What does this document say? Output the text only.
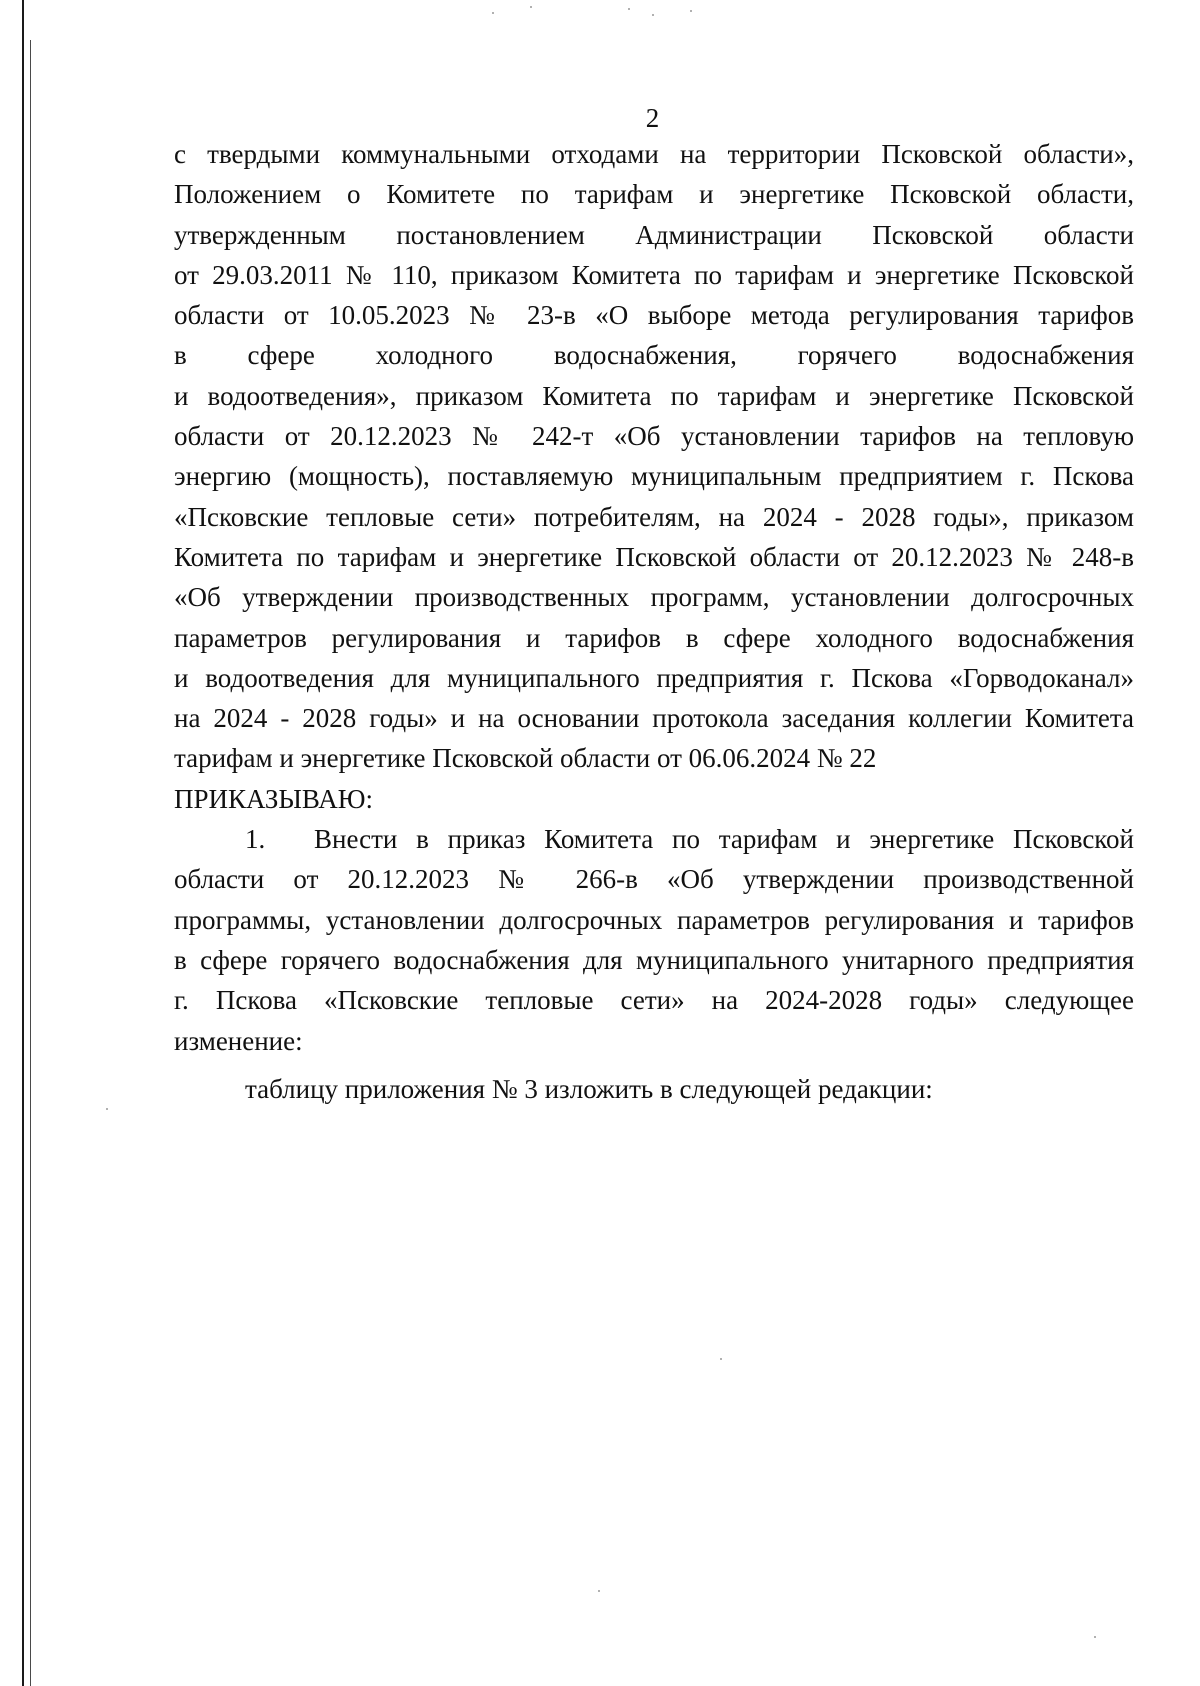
2
с твердыми коммунальными отходами на территории Псковской области»,
Положением о Комитете по тарифам и энергетике Псковской области,
утвержденным постановлением Администрации Псковской области
от 29.03.2011 № 110, приказом Комитета по тарифам и энергетике Псковской
области от 10.05.2023 № 23-в «О выборе метода регулирования тарифов
в сфере холодного водоснабжения, горячего водоснабжения
и водоотведения», приказом Комитета по тарифам и энергетике Псковской
области от 20.12.2023 № 242-т «Об установлении тарифов на тепловую
энергию (мощность), поставляемую муниципальным предприятием г. Пскова
«Псковские тепловые сети» потребителям, на 2024 - 2028 годы», приказом
Комитета по тарифам и энергетике Псковской области от 20.12.2023 № 248-в
«Об утверждении производственных программ, установлении долгосрочных
параметров регулирования и тарифов в сфере холодного водоснабжения
и водоотведения для муниципального предприятия г. Пскова «Горводоканал»
на 2024 - 2028 годы» и на основании протокола заседания коллегии Комитета
тарифам и энергетике Псковской области от 06.06.2024 № 22
ПРИКАЗЫВАЮ:
1. Внести в приказ Комитета по тарифам и энергетике Псковской
области от 20.12.2023 № 266-в «Об утверждении производственной
программы, установлении долгосрочных параметров регулирования и тарифов
в сфере горячего водоснабжения для муниципального унитарного предприятия
г. Пскова «Псковские тепловые сети» на 2024-2028 годы» следующее
изменение:
таблицу приложения № 3 изложить в следующей редакции:
